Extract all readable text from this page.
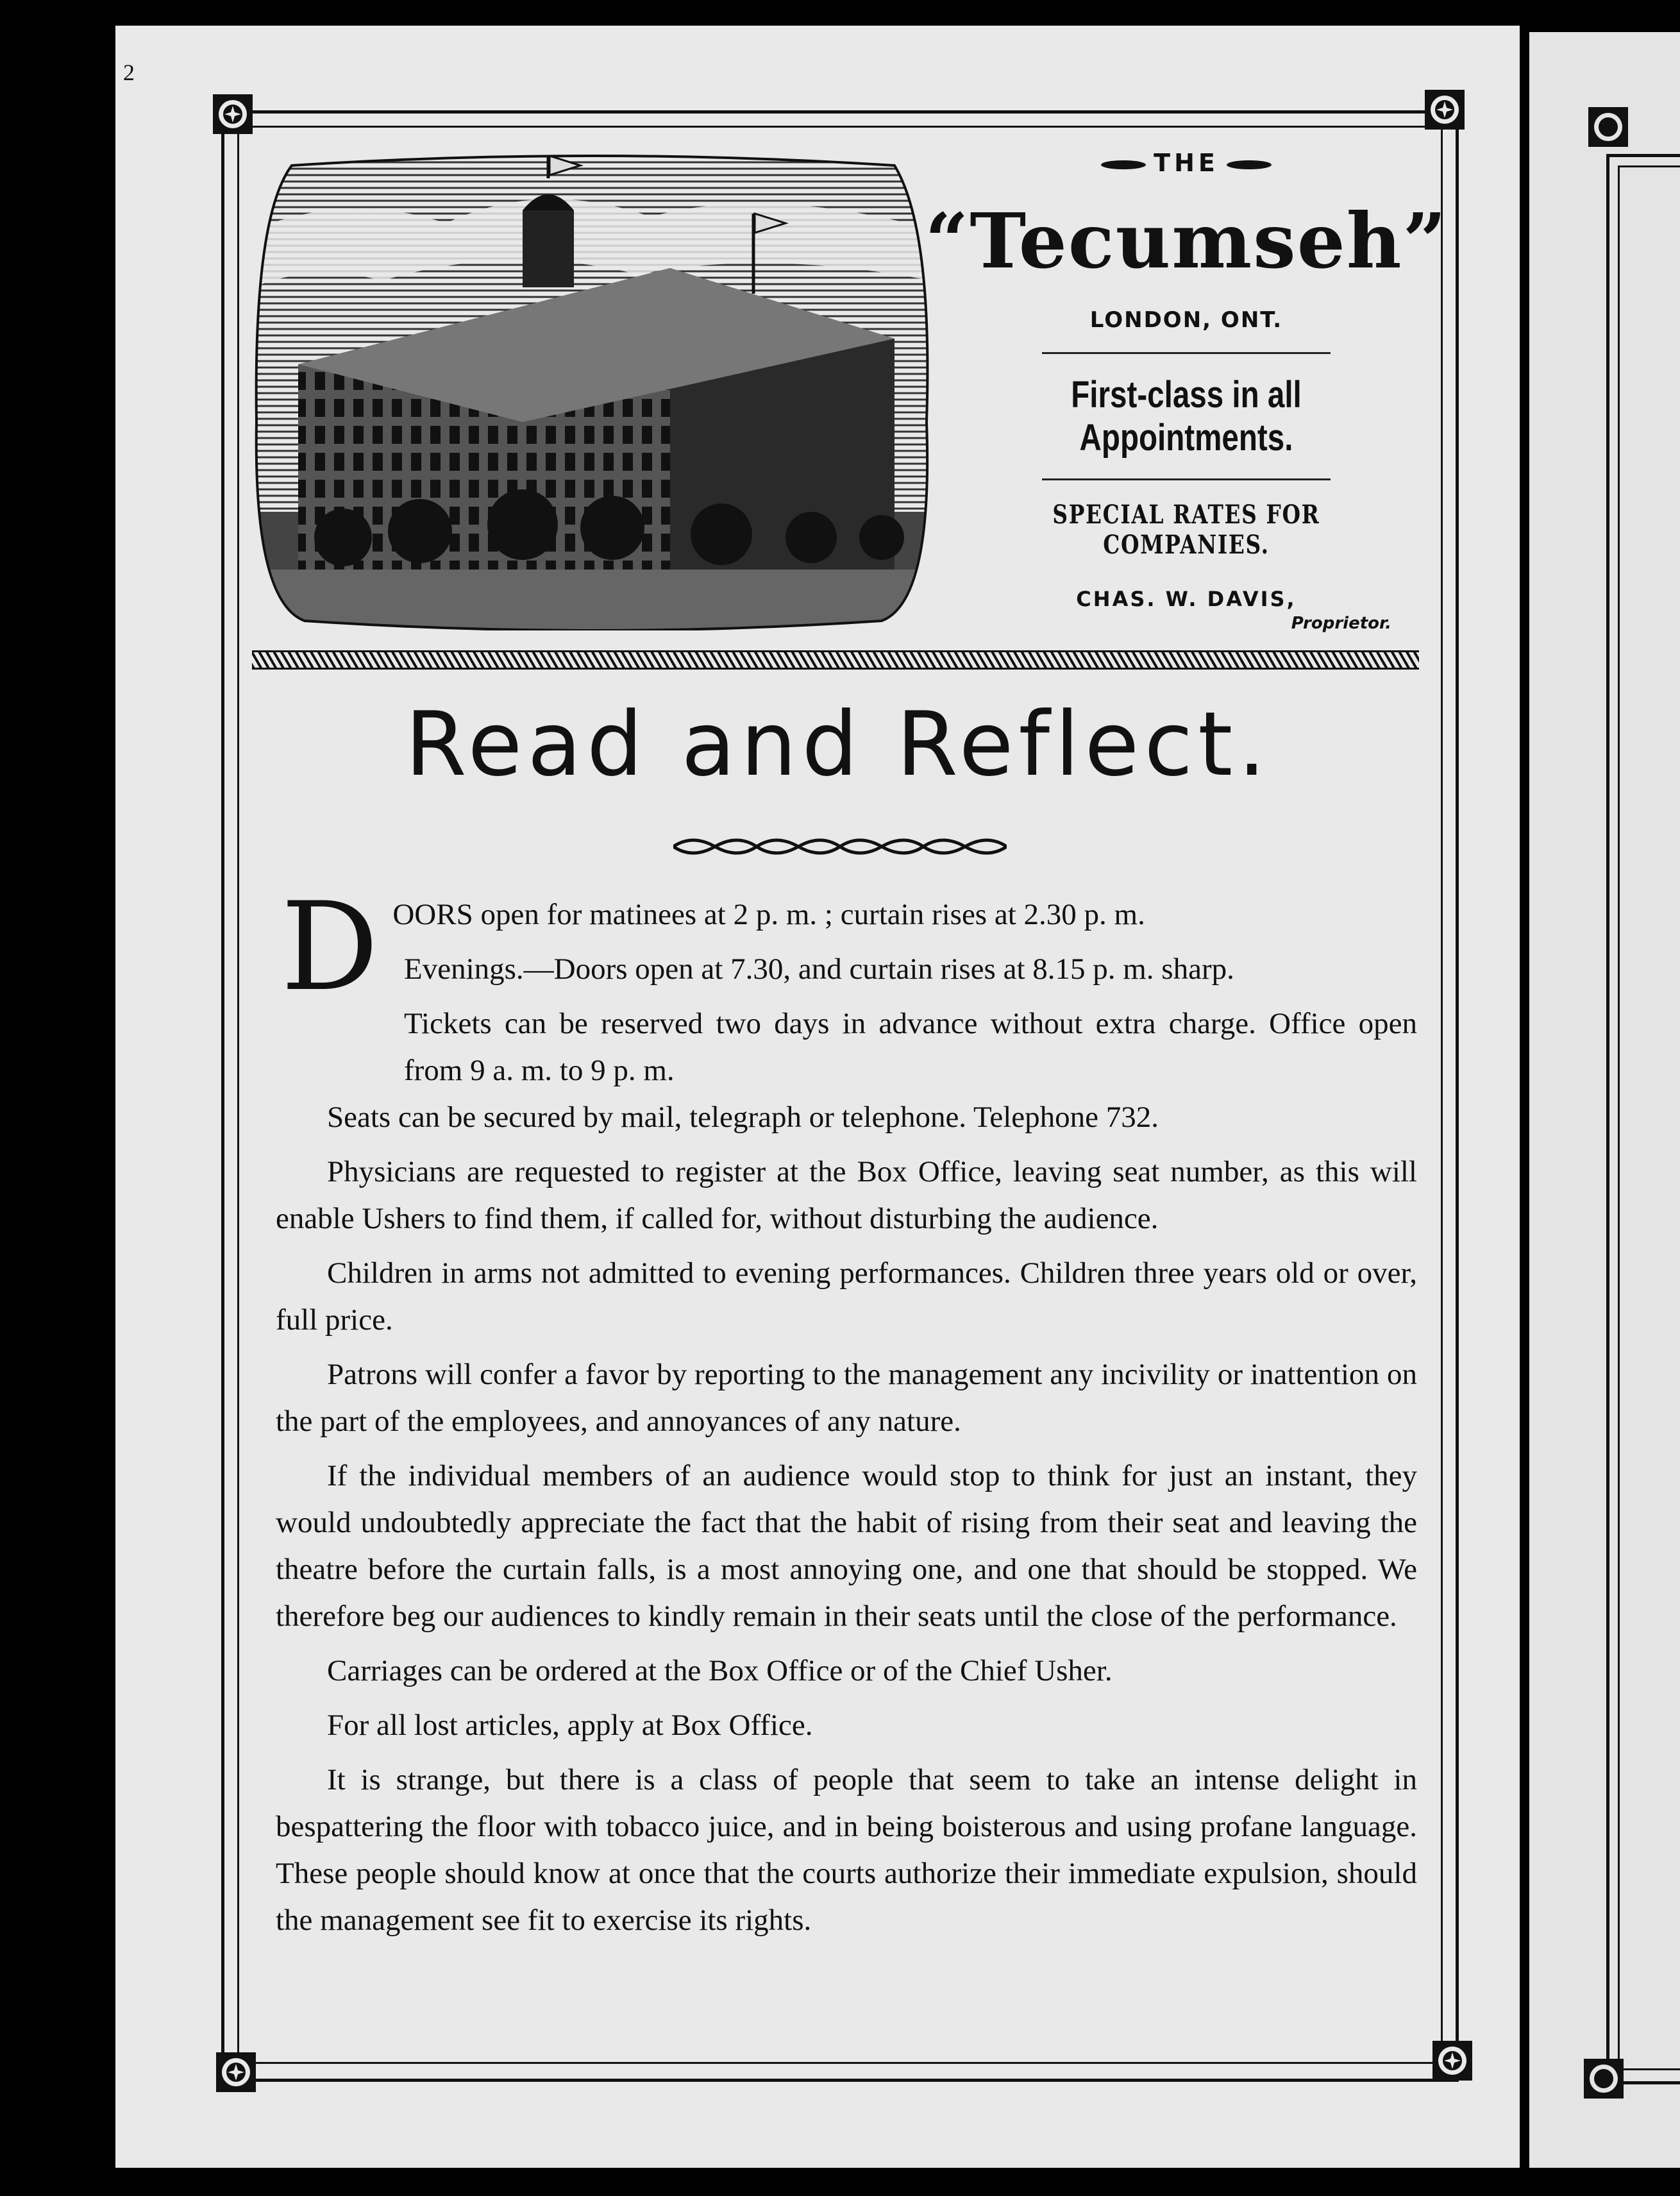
2
THE
“Tecumseh”
LONDON, ONT.
First-class in all Appointments.
SPECIAL RATES FOR COMPANIES.
CHAS. W. DAVIS,
Proprietor.
Read and Reflect.

DOORS open for matinees at 2 p. m. ; curtain rises at 2.30 p. m.

Evenings.—Doors open at 7.30, and curtain rises at 8.15 p. m. sharp.

Tickets can be reserved two days in advance without extra charge. Office open from 9 a. m. to 9 p. m.

Seats can be secured by mail, telegraph or telephone. Telephone 732.

Physicians are requested to register at the Box Office, leaving seat number, as this will enable Ushers to find them, if called for, without disturbing the audience.

Children in arms not admitted to evening performances. Children three years old or over, full price.

Patrons will confer a favor by reporting to the management any incivility or inattention on the part of the employees, and annoyances of any nature.

If the individual members of an audience would stop to think for just an instant, they would undoubtedly appreciate the fact that the habit of rising from their seat and leaving the theatre before the curtain falls, is a most annoying one, and one that should be stopped. We therefore beg our audiences to kindly remain in their seats until the close of the performance.

Carriages can be ordered at the Box Office or of the Chief Usher.

For all lost articles, apply at Box Office.

It is strange, but there is a class of people that seem to take an intense delight in bespattering the floor with tobacco juice, and in being boisterous and using profane language. These people should know at once that the courts authorize their immediate expulsion, should the management see fit to exercise its rights.
